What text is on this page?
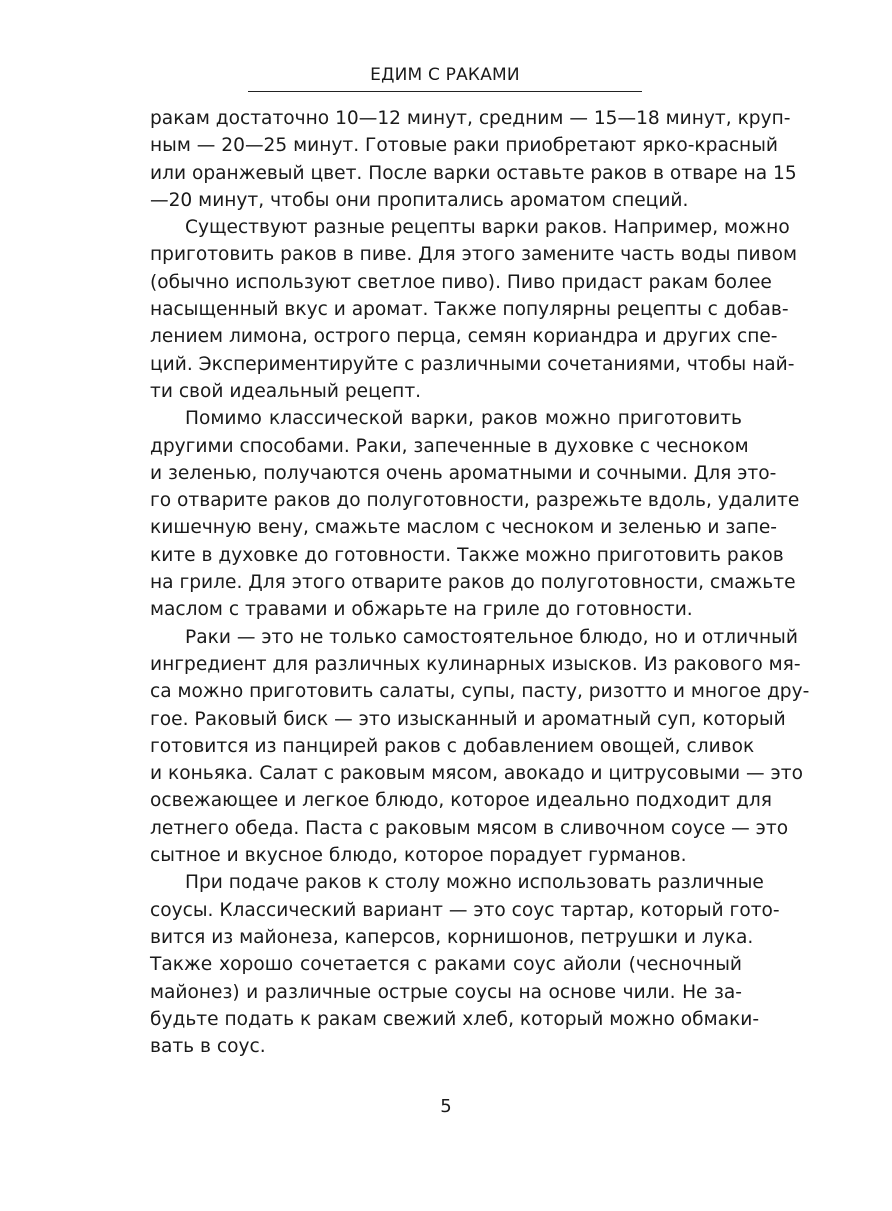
ЕДИМ С РАКАМИ

ракам достаточно 10—12 минут, средним — 15—18 минут, круп-
ным — 20—25 минут. Готовые раки приобретают ярко-красный
или оранжевый цвет. После варки оставьте раков в отваре на 15
—20 минут, чтобы они пропитались ароматом специй.

Существуют разные рецепты варки раков. Например, можно
приготовить раков в пиве. Для этого замените часть воды пивом
(обычно используют светлое пиво). Пиво придаст ракам более
насыщенный вкус и аромат. Также популярны рецепты с добав-
лением лимона, острого перца, семян кориандра и других спе-
ций. Экспериментируйте с различными сочетаниями, чтобы най-
ти свой идеальный рецепт.

Помимо классической варки, раков можно приготовить
другими способами. Раки, запеченные в духовке с чесноком
и зеленью, получаются очень ароматными и сочными. Для это-
го отварите раков до полуготовности, разрежьте вдоль, удалите
кишечную вену, смажьте маслом с чесноком и зеленью и запе-
ките в духовке до готовности. Также можно приготовить раков
на гриле. Для этого отварите раков до полуготовности, смажьте
маслом с травами и обжарьте на гриле до готовности.

Раки — это не только самостоятельное блюдо, но и отличный
ингредиент для различных кулинарных изысков. Из ракового мя-
са можно приготовить салаты, супы, пасту, ризотто и многое дру-
гое. Раковый биск — это изысканный и ароматный суп, который
готовится из панцирей раков с добавлением овощей, сливок
и коньяка. Салат с раковым мясом, авокадо и цитрусовыми — это
освежающее и легкое блюдо, которое идеально подходит для
летнего обеда. Паста с раковым мясом в сливочном соусе — это
сытное и вкусное блюдо, которое порадует гурманов.

При подаче раков к столу можно использовать различные
соусы. Классический вариант — это соус тартар, который гото-
вится из майонеза, каперсов, корнишонов, петрушки и лука.
Также хорошо сочетается с раками соус айоли (чесночный
майонез) и различные острые соусы на основе чили. Не за-
будьте подать к ракам свежий хлеб, который можно обмаки-
вать в соус.

5
